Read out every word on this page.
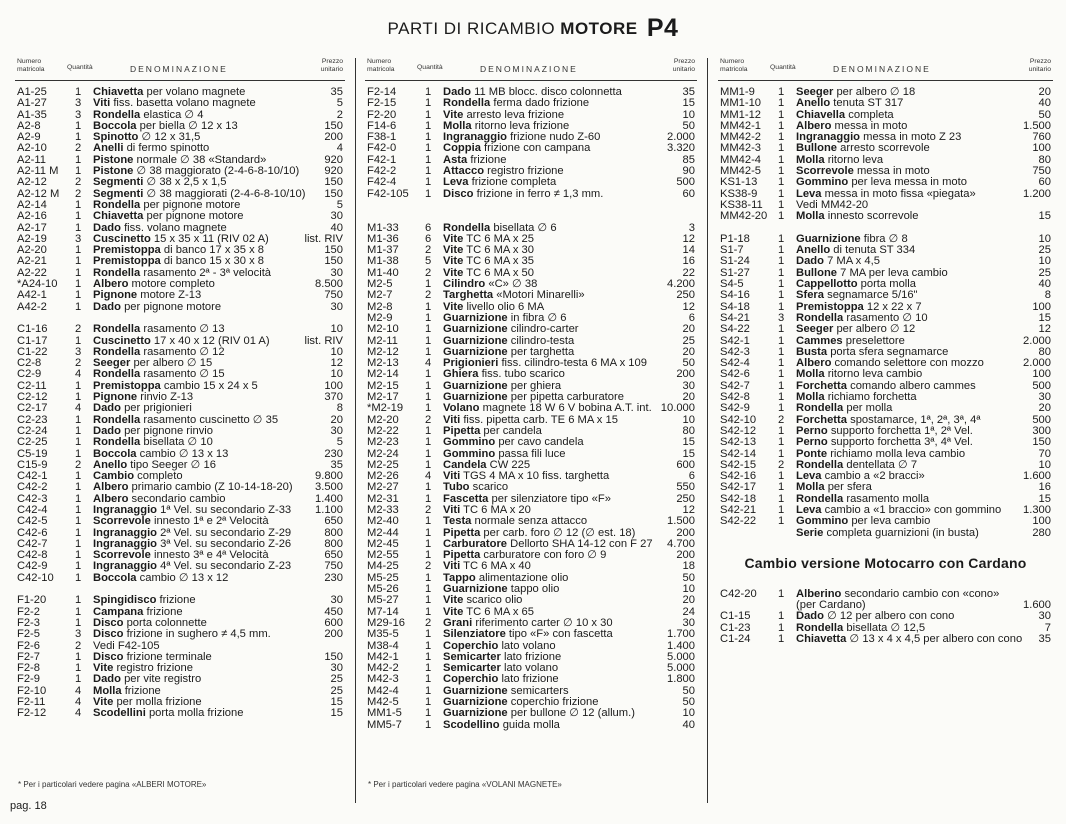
PARTI DI RICAMBIO MOTORE P4
Numero matricola	Quantità	DENOMINAZIONE
Prezzo unitario
A1-25	1 Chiavetta per volano magnete	35
A1-27	3 Viti fiss. basetta volano magnete	5
A1-35	3 Rondella elastica ∅ 4	2
A2-8	1 Boccola per biella ∅ 12 x 13	150
A2-9	1 Spinotto ∅ 12 x 31,5	200
A2-10	2 Anelli di fermo spinotto	4
A2-11	1 Pistone normale ∅ 38 «Standard»	920
A2-11 M 1 Pistone ∅ 38 maggiorato (2-4-6-8-10/10) 920
A2-12	2 Segmenti ∅ 38 x 2,5 x 1,5	150
A2-12 M 2 Segmenti ∅ 38 maggiorati (2-4-6-8-10/10) 150
A2-14	1 Rondella per pignone motore	5
A2-16	1 Chiavetta per pignone motore	30
A2-17	1 Dado fiss. volano magnete	40
A2-19	3 Cuscinetto 15 x 35 x 11 (RIV 02 A)	list. RIV
A2-20	1 Premistoppa di banco 17 x 35 x 8	150
A2-21	1 Premistoppa di banco 15 x 30 x 8	150
A2-22	1 Rondella rasamento 2ª - 3ª velocità	30
*A24-10 1 Albero motore completo	8.500
A42-1	1 Pignone motore Z-13	750
A42-2	1 Dado per pignone motore	30
C1-16 2 Rondella rasamento ∅ 13	10
C1-17 1 Cuscinetto 17 x 40 x 12 (RIV 01 A)	list. RIV
C1-22 3 Rondella rasamento ∅ 12	10
C2-8	2 Seeger per albero ∅ 15	12
C2-9	4 Rondella rasamento ∅ 15	10
C2-11	1 Premistoppa cambio 15 x 24 x 5	100
C2-12 1 Pignone rinvio Z-13	370
C2-17 4 Dado per prigionieri	8
C2-23 1 Rondella rasamento cuscinetto ∅ 35	20
C2-24 1 Dado per pignone rinvio	30
C2-25 1 Rondella bisellata ∅ 10	5
C5-19 1 Boccola cambio ∅ 13 x 13	230
C15-9 2 Anello tipo Seeger ∅ 16	35
C42-1 1 Cambio completo	9.800
C42-2 1 Albero primario cambio (Z 10-14-18-20) 3.500
C42-3 1 Albero secondario cambio	1.400
C42-4 1 Ingranaggio 1ª Vel. su secondario Z-33 1.100
C42-5 1 Scorrevole innesto 1ª e 2ª Velocità	650
C42-6 1 Ingranaggio 2ª Vel. su secondario Z-29	800
C42-7 1 Ingranaggio 3ª Vel. su secondario Z-26	800
C42-8 1 Scorrevole innesto 3ª e 4ª Velocità	650
C42-9 1 Ingranaggio 4ª Vel. su secondario Z-23	750
C42-10 1 Boccola cambio ∅ 13 x 12	230
F1-20	1 Spingidisco frizione	30
F2-2	1 Campana frizione	450
F2-3	1 Disco porta colonnette	600
F2-5	3 Disco frizione in sughero ≠ 4,5 mm.	200
F2-6	2 Vedi F42-105
F2-7	1 Disco frizione terminale	150
F2-8	1 Vite registro frizione	30
F2-9	1 Dado per vite registro	25
F2-10	4 Molla frizione	25
F2-11	4 Vite per molla frizione	15
F2-12	4 Scodellini porta molla frizione	15
Numero matricola	Quantità	DENOMINAZIONE
Prezzo unitario
F2-14	1 Dado 11 MB blocc. disco colonnetta	35
F2-15	1 Rondella ferma dado frizione	15
F2-20	1 Vite arresto leva frizione	10
F14-6	1 Molla ritorno leva frizione	50
F38-1	1 Ingranaggio frizione nudo Z-60	2.000
F42-0	1 Coppia frizione con campana	3.320
F42-1	1 Asta frizione	85
F42-2	1 Attacco registro frizione	90
F42-4	1 Leva frizione completa	500
F42-105 1 Disco frizione in ferro ≠ 1,3 mm.	60
M1-33 6 Rondella bisellata ∅ 6	3
M1-36 6 Vite TC 6 MA x 25	12
M1-37 2 Vite TC 6 MA x 30	14
M1-38 5 Vite TC 6 MA x 35	16
M1-40 2 Vite TC 6 MA x 50	22
M2-5	1 Cilindro «C» ∅ 38	4.200
M2-7	2 Targhetta «Motori Minarelli»	250
M2-8	1 Vite livello olio 6 MA	12
M2-9	1 Guarnizione in fibra ∅ 6	6
M2-10 1 Guarnizione cilindro-carter	20
M2-11 1 Guarnizione cilindro-testa	25
M2-12 1 Guarnizione per targhetta	20
M2-13 4 Prigionieri fiss. cilindro-testa 6 MA x 109	50
M2-14 1 Ghiera fiss. tubo scarico	200
M2-15 1 Guarnizione per ghiera	30
M2-17 1 Guarnizione per pipetta carburatore	20
*M2-19 1 Volano magnete 18 W 6 V bobina A.T. int. 10.000
M2-20 2 Viti fiss. pipetta carb. TE 6 MA x 15	10
M2-22 1 Pipetta per candela	80
M2-23 1 Gommino per cavo candela	15
M2-24 1 Gommino passa fili luce	15
M2-25 1 Candela CW 225	600
M2-26 4 Viti TGS 4 MA x 10 fiss. targhetta	6
M2-27 1 Tubo scarico	550
M2-31 1 Fascetta per silenziatore tipo «F»	250
M2-33 2 Viti TC 6 MA x 20	12
M2-40 1 Testa normale senza attacco	1.500
M2-44 1 Pipetta per carb. foro ∅ 12 (∅ est. 18)	200
M2-45 1 Carburatore Dellorto SHA 14-12 con F 27 4.700
M2-55 1 Pipetta carburatore con foro ∅ 9	200
M4-25 2 Viti TC 6 MA x 40	18
M5-25 1 Tappo alimentazione olio	50
M5-26 1 Guarnizione tappo olio	10
M5-27 1 Vite scarico olio	20
M7-14 1 Vite TC 6 MA x 65	24
M29-16 2 Grani riferimento carter ∅ 10 x 30	30
M35-5 1 Silenziatore tipo «F» con fascetta	1.700
M38-4 1 Coperchio lato volano	1.400
M42-1 1 Semicarter lato frizione	5.000
M42-2 1 Semicarter lato volano	5.000
M42-3 1 Coperchio lato frizione	1.800
M42-4 1 Guarnizione semicarters	50
M42-5 1 Guarnizione coperchio frizione	50
MM1-5 1 Guarnizione per bullone ∅ 12 (allum.)	10
MM5-7 1 Scodellino guida molla	40
Numero matricola	Quantità	DENOMINAZIONE
Prezzo unitario
MM1-9 1 Seeger per albero ∅ 18	20
MM1-10 1 Anello tenuta ST 317	40
MM1-12 1 Chiavella completa	50
MM42-1 1 Albero messa in moto	1.500
MM42-2 1 Ingranaggio messa in moto Z 23	760
MM42-3 1 Bullone arresto scorrevole	100
MM42-4 1 Molla ritorno leva	80
MM42-5 1 Scorrevole messa in moto	750
KS1-13 1 Gommino per leva messa in moto	60
KS38-9 1 Leva messa in moto fissa «piegata»	1.200
KS38-11 1 Vedi MM42-20
MM42-20 1 Molla innesto scorrevole	15
P1-18	1 Guarnizione fibra ∅ 8	10
S1-7	1 Anello di tenuta ST 334	25
S1-24	1 Dado 7 MA x 4,5	10
S1-27	1 Bullone 7 MA per leva cambio	25
S4-5	1 Cappellotto porta molla	40
S4-16	1 Sfera segnamarce 5/16"	8
S4-18	1 Premistoppa 12 x 22 x 7	100
S4-21	3 Rondella rasamento ∅ 10	15
S4-22	1 Seeger per albero ∅ 12	12
S42-1	1 Cammes preselettore	2.000
S42-3	1 Busta porta sfera segnamarce	80
S42-4	1 Albero comando selettore con mozzo	2.000
S42-6	1 Molla ritorno leva cambio	100
S42-7	1 Forchetta comando albero cammes	500
S42-8	1 Molla richiamo forchetta	30
S42-9	1 Rondella per molla	20
S42-10 2 Forchetta spostamarce, 1ª, 2ª, 3ª, 4ª	500
S42-12 1 Perno supporto forchetta 1ª, 2ª Vel.	300
S42-13 1 Perno supporto forchetta 3ª, 4ª Vel.	150
S42-14 1 Ponte richiamo molla leva cambio	70
S42-15 2 Rondella dentellata ∅ 7	10
S42-16 1 Leva cambio a «2 bracci»	1.600
S42-17 1 Molla per sfera	16
S42-18 1 Rondella rasamento molla	15
S42-21 1 Leva cambio a «1 braccio» con gommino 1.300
S42-22 1 Gommino per leva cambio	100
Serie completa guarnizioni (in busta)	280
Cambio versione Motocarro con Cardano
C42-20 1 Alberino secondario cambio con «cono»
(per Cardano)	1.600
C1-15 1 Dado ∅ 12 per albero con cono	30
C1-23 1 Rondella bisellata ∅ 12,5	7
C1-24 1 Chiavetta ∅ 13 x 4 x 4,5 per albero con cono 35
* Per i particolari vedere pagina «ALBERI MOTORE»	* Per i particolari vedere pagina «VOLANI MAGNETE»
pag. 18
